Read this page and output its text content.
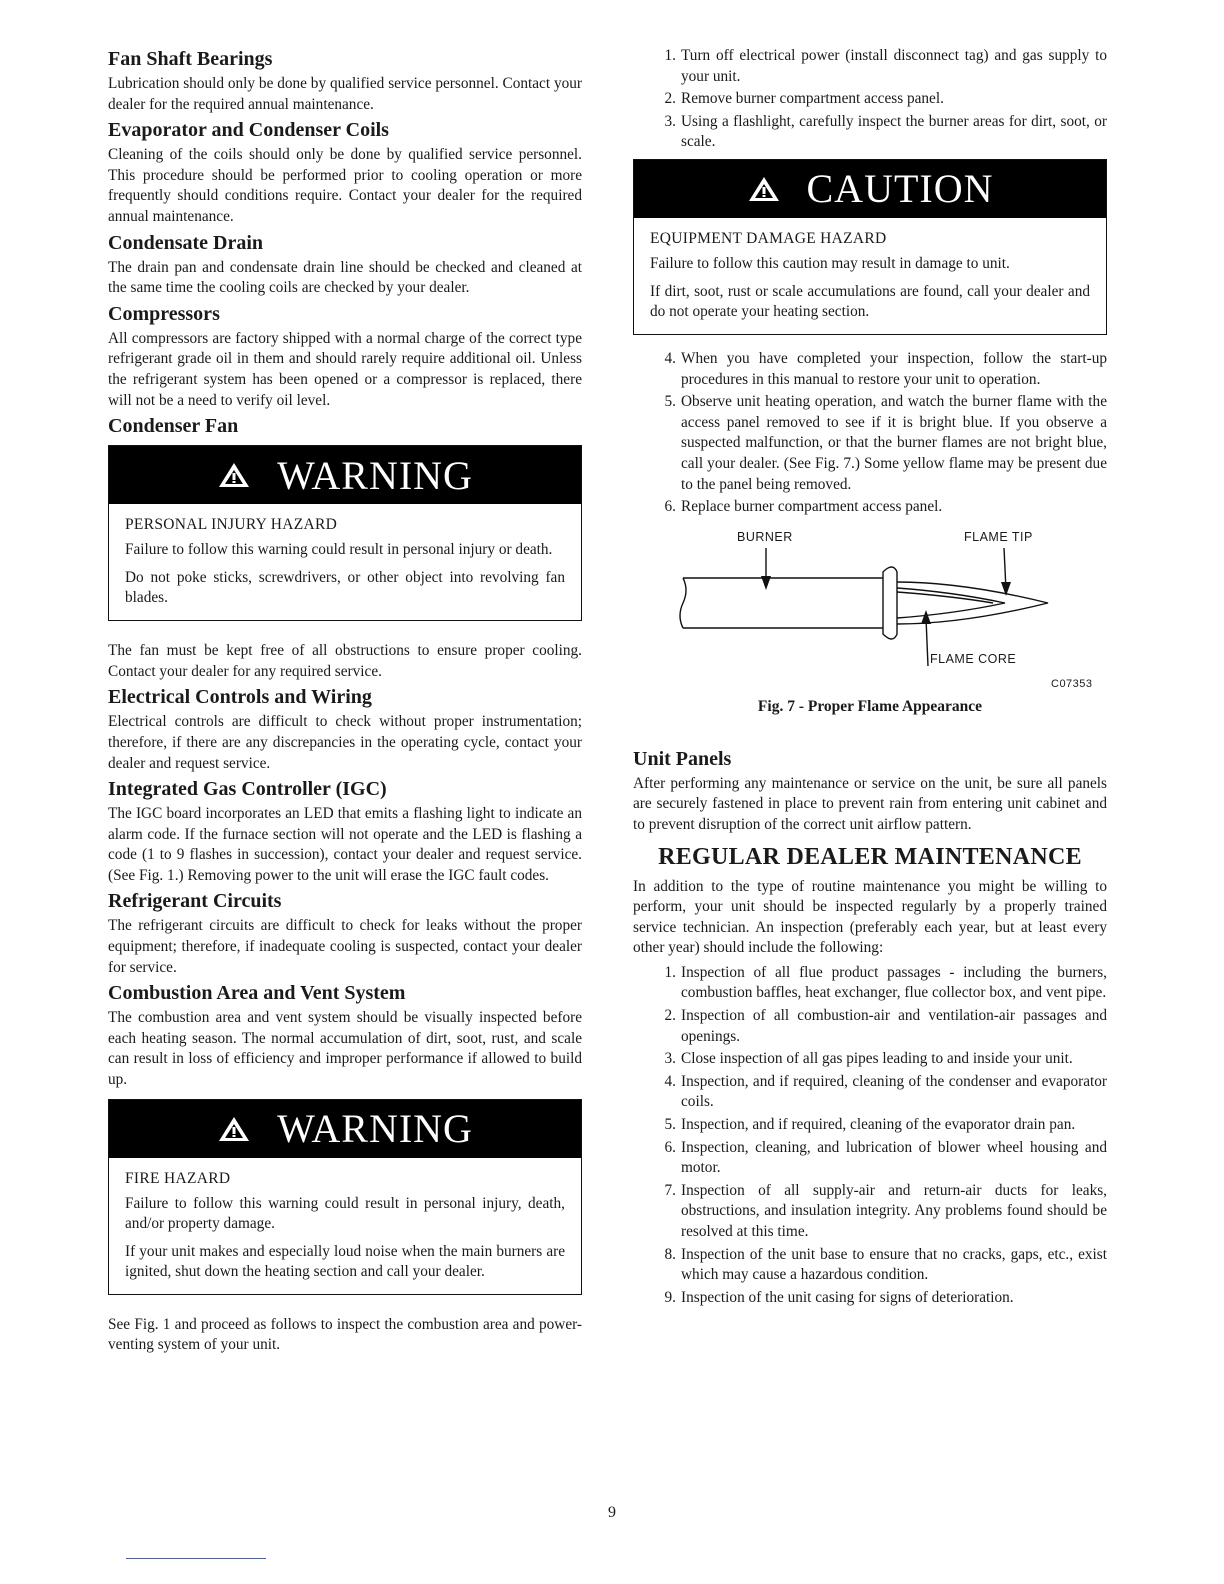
Fan Shaft Bearings

Lubrication should only be done by qualified service personnel. Contact your dealer for the required annual maintenance.

Evaporator and Condenser Coils

Cleaning of the coils should only be done by qualified service personnel. This procedure should be performed prior to cooling operation or more frequently should conditions require. Contact your dealer for the required annual maintenance.

Condensate Drain

The drain pan and condensate drain line should be checked and cleaned at the same time the cooling coils are checked by your dealer.

Compressors

All compressors are factory shipped with a normal charge of the correct type refrigerant grade oil in them and should rarely require additional oil. Unless the refrigerant system has been opened or a compressor is replaced, there will not be a need to verify oil level.

Condenser Fan
WARNING
PERSONAL INJURY HAZARD

Failure to follow this warning could result in personal injury or death.

Do not poke sticks, screwdrivers, or other object into revolving fan blades.

The fan must be kept free of all obstructions to ensure proper cooling. Contact your dealer for any required service.

Electrical Controls and Wiring

Electrical controls are difficult to check without proper instrumentation; therefore, if there are any discrepancies in the operating cycle, contact your dealer and request service.

Integrated Gas Controller (IGC)

The IGC board incorporates an LED that emits a flashing light to indicate an alarm code. If the furnace section will not operate and the LED is flashing a code (1 to 9 flashes in succession), contact your dealer and request service. (See Fig. 1.) Removing power to the unit will erase the IGC fault codes.

Refrigerant Circuits

The refrigerant circuits are difficult to check for leaks without the proper equipment; therefore, if inadequate cooling is suspected, contact your dealer for service.

Combustion Area and Vent System

The combustion area and vent system should be visually inspected before each heating season. The normal accumulation of dirt, soot, rust, and scale can result in loss of efficiency and improper performance if allowed to build up.

WARNING
FIRE HAZARD

Failure to follow this warning could result in personal injury, death, and/or property damage.

If your unit makes and especially loud noise when the main burners are ignited, shut down the heating section and call your dealer.

See Fig. 1 and proceed as follows to inspect the combustion area and power-venting system of your unit.

1. Turn off electrical power (install disconnect tag) and gas supply to your unit.
2. Remove burner compartment access panel.
3. Using a flashlight, carefully inspect the burner areas for dirt, soot, or scale.
CAUTION
EQUIPMENT DAMAGE HAZARD

Failure to follow this caution may result in damage to unit.

If dirt, soot, rust or scale accumulations are found, call your dealer and do not operate your heating section.

4. When you have completed your inspection, follow the start-up procedures in this manual to restore your unit to operation.
5. Observe unit heating operation, and watch the burner flame with the access panel removed to see if it is bright blue. If you observe a suspected malfunction, or that the burner flames are not bright blue, call your dealer. (See Fig. 7.) Some yellow flame may be present due to the panel being removed.
6. Replace burner compartment access panel.
BURNER	FLAME TIP
FLAME CORE
C07353
Fig. 7 - Proper Flame Appearance
Unit Panels

After performing any maintenance or service on the unit, be sure all panels are securely fastened in place to prevent rain from entering unit cabinet and to prevent disruption of the correct unit airflow pattern.

REGULAR DEALER MAINTENANCE

In addition to the type of routine maintenance you might be willing to perform, your unit should be inspected regularly by a properly trained service technician. An inspection (preferably each year, but at least every other year) should include the following:

1. Inspection of all flue product passages - including the burners, combustion baffles, heat exchanger, flue collector box, and vent pipe.
2. Inspection of all combustion-air and ventilation-air passages and openings.
3. Close inspection of all gas pipes leading to and inside your unit.
4. Inspection, and if required, cleaning of the condenser and evaporator coils.
5. Inspection, and if required, cleaning of the evaporator drain pan.
6. Inspection, cleaning, and lubrication of blower wheel housing and motor.
7. Inspection of all supply-air and return-air ducts for leaks, obstructions, and insulation integrity. Any problems found should be resolved at this time.
8. Inspection of the unit base to ensure that no cracks, gaps, etc., exist which may cause a hazardous condition.
9. Inspection of the unit casing for signs of deterioration.
9
